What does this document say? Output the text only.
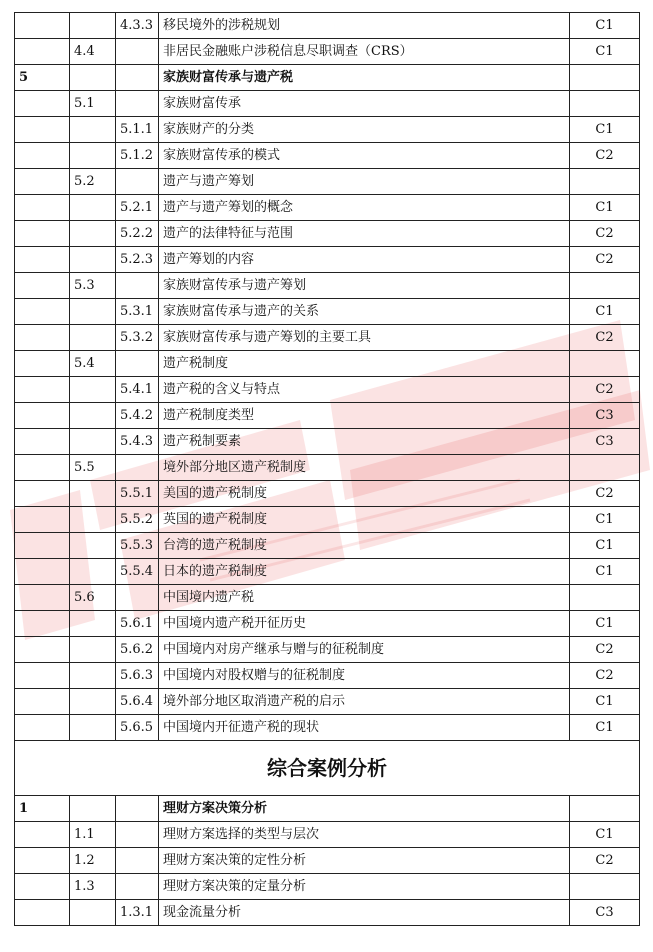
		4.3.3	移民境外的涉税规划	C1
	4.4		非居民金融账户涉税信息尽职调查（CRS）	C1
5			家族财富传承与遗产税	
	5.1		家族财富传承	
		5.1.1	家族财产的分类	C1
		5.1.2	家族财富传承的模式	C2
	5.2		遗产与遗产筹划	
		5.2.1	遗产与遗产筹划的概念	C1
		5.2.2	遗产的法律特征与范围	C2
		5.2.3	遗产筹划的内容	C2
	5.3		家族财富传承与遗产筹划	
		5.3.1	家族财富传承与遗产的关系	C1
		5.3.2	家族财富传承与遗产筹划的主要工具	C2
	5.4		遗产税制度	
		5.4.1	遗产税的含义与特点	C2
		5.4.2	遗产税制度类型	C3
		5.4.3	遗产税制要素	C3
	5.5		境外部分地区遗产税制度	
		5.5.1	美国的遗产税制度	C2
		5.5.2	英国的遗产税制度	C1
		5.5.3	台湾的遗产税制度	C1
		5.5.4	日本的遗产税制度	C1
	5.6		中国境内遗产税	
		5.6.1	中国境内遗产税开征历史	C1
		5.6.2	中国境内对房产继承与赠与的征税制度	C2
		5.6.3	中国境内对股权赠与的征税制度	C2
		5.6.4	境外部分地区取消遗产税的启示	C1
		5.6.5	中国境内开征遗产税的现状	C1
综合案例分析				
1			理财方案决策分析	
	1.1		理财方案选择的类型与层次	C1
	1.2		理财方案决策的定性分析	C2
	1.3		理财方案决策的定量分析	
		1.3.1	现金流量分析	C3
